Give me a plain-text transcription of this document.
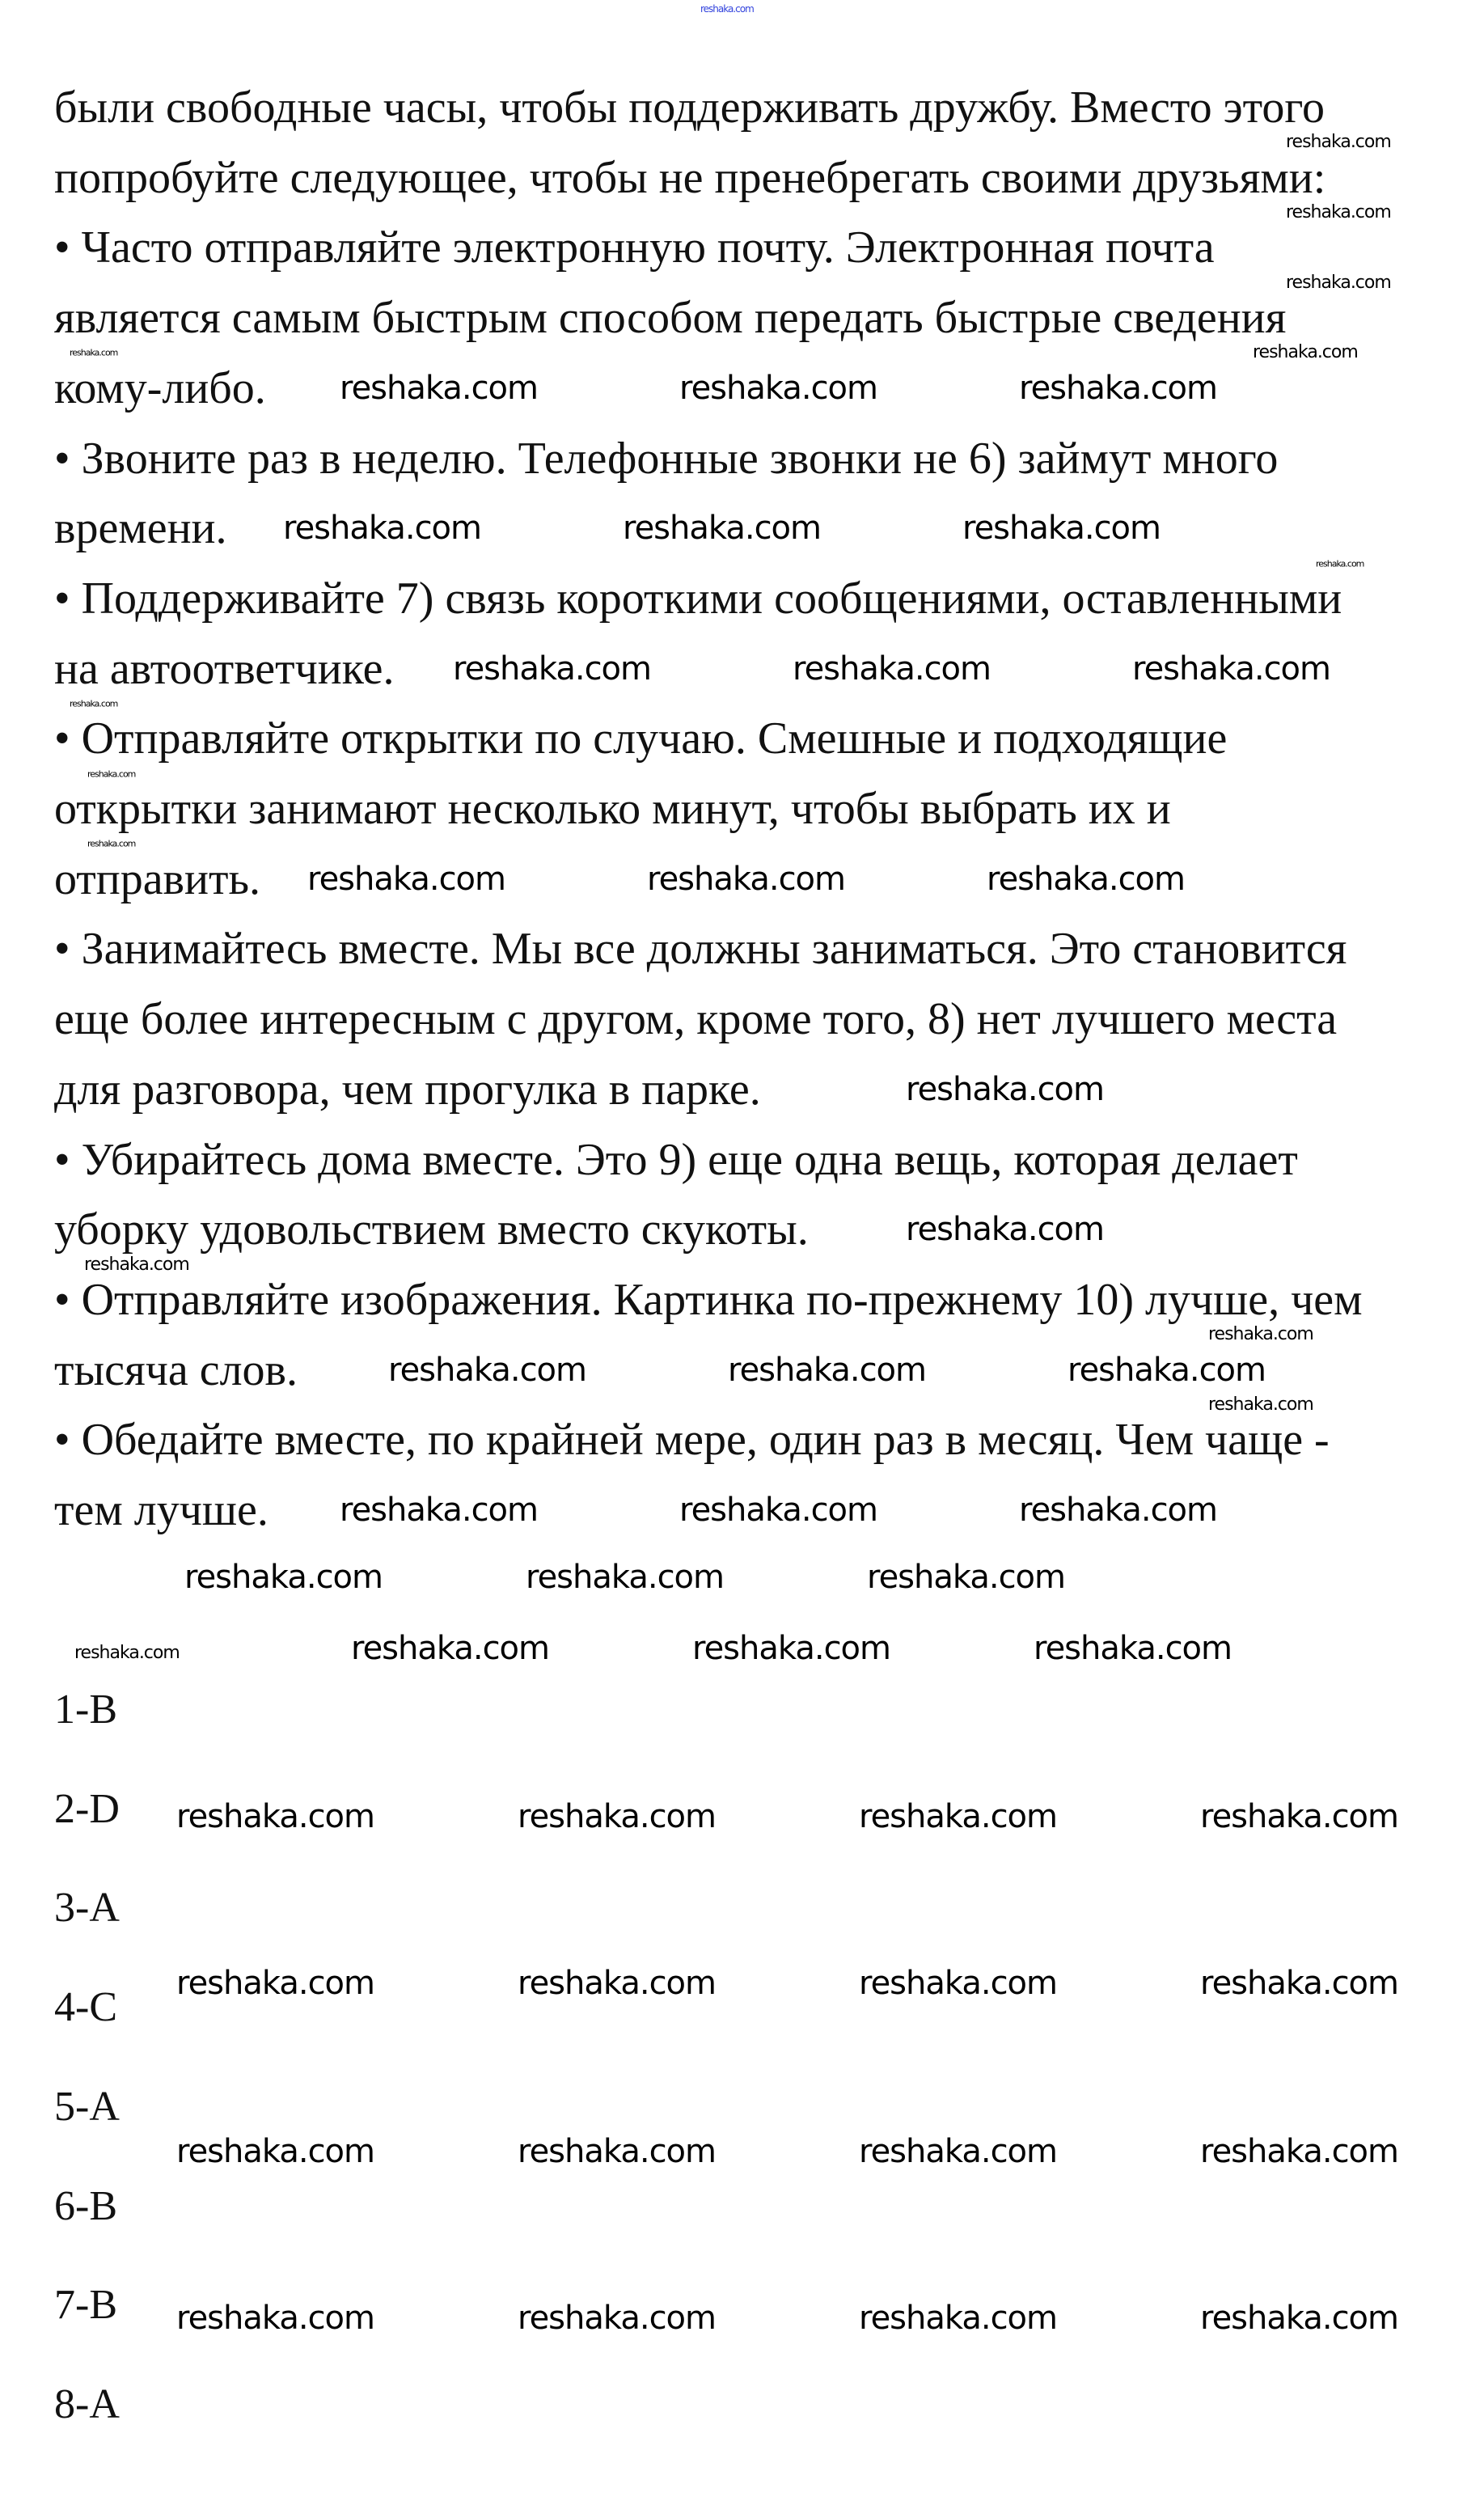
reshaka.com
были свободные часы, чтобы поддерживать дружбу. Вместо этого
попробуйте следующее, чтобы не пренебрегать своими друзьями:
• Часто отправляйте электронную почту. Электронная почта
является самым быстрым способом передать быстрые сведения
кому-либо.
• Звоните раз в неделю. Телефонные звонки не 6) займут много
времени.
• Поддерживайте 7) связь короткими сообщениями, оставленными
на автоответчике.
• Отправляйте открытки по случаю. Смешные и подходящие
открытки занимают несколько минут, чтобы выбрать их и
отправить.
• Занимайтесь вместе. Мы все должны заниматься. Это становится
еще более интересным с другом, кроме того, 8) нет лучшего места
для разговора, чем прогулка в парке.
• Убирайтесь дома вместе. Это 9) еще одна вещь, которая делает
уборку удовольствием вместо скукоты.
• Отправляйте изображения. Картинка по-прежнему 10) лучше, чем
тысяча слов.
• Обедайте вместе, по крайней мере, один раз в месяц. Чем чаще -
тем лучше.
1-B
2-D
3-A
4-C
5-A
6-B
7-B
8-A
reshaka.com	reshaka.com	reshaka.com
reshaka.com	reshaka.com	reshaka.com
reshaka.com	reshaka.com	reshaka.com
reshaka.com	reshaka.com	reshaka.com
reshaka.com
reshaka.com
reshaka.com	reshaka.com	reshaka.com
reshaka.com	reshaka.com	reshaka.com
reshaka.com	reshaka.com	reshaka.com
reshaka.com	reshaka.com	reshaka.com
reshaka.com
reshaka.com
reshaka.com
reshaka.com
reshaka.com
reshaka.com
reshaka.com
reshaka.com
reshaka.com
reshaka.com
reshaka.com
reshaka.com
reshaka.com
reshaka.com	reshaka.com	reshaka.com	reshaka.com
reshaka.com	reshaka.com	reshaka.com	reshaka.com
reshaka.com	reshaka.com	reshaka.com	reshaka.com
reshaka.com	reshaka.com	reshaka.com	reshaka.com
